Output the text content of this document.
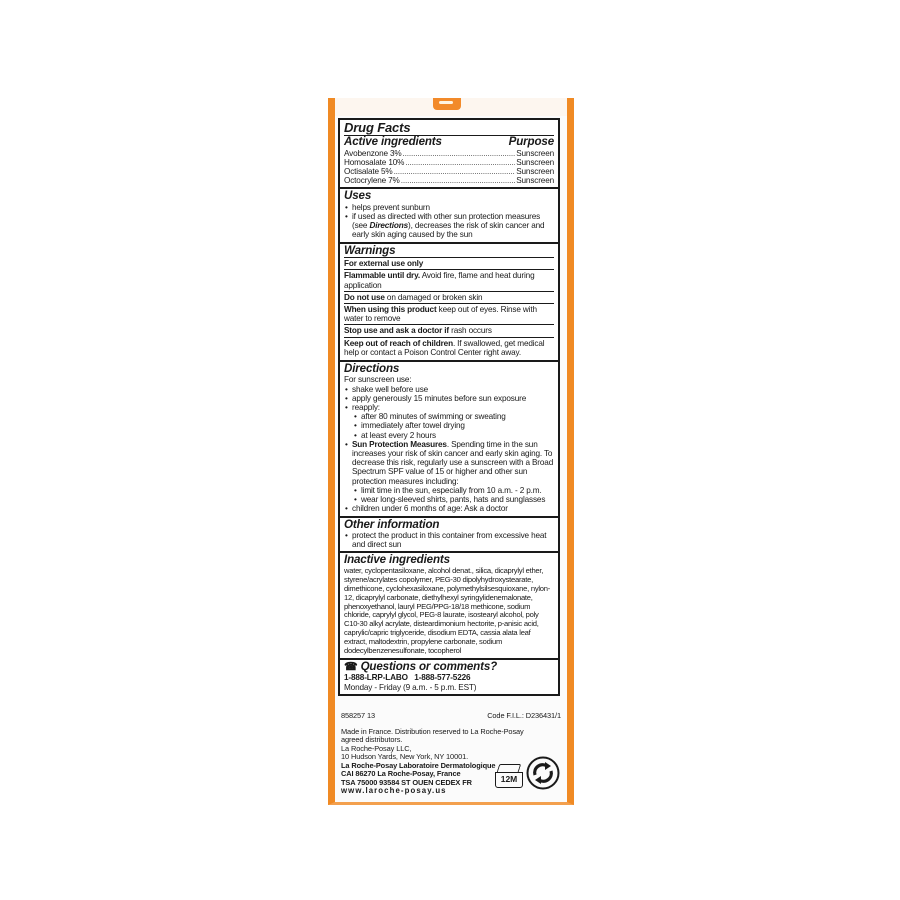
Drug Facts
Active ingredients	Purpose
Avobenzone 3% .....	Sunscreen
Homosalate 10% .....	Sunscreen
Octisalate 5% .....	Sunscreen
Octocrylene 7% .....	Sunscreen
Uses
• helps prevent sunburn
• if used as directed with other sun protection measures (see Directions), decreases the risk of skin cancer and early skin aging caused by the sun
Warnings
For external use only
Flammable until dry. Avoid fire, flame and heat during application
Do not use on damaged or broken skin
When using this product keep out of eyes. Rinse with water to remove
Stop use and ask a doctor if rash occurs
Keep out of reach of children. If swallowed, get medical help or contact a Poison Control Center right away.
Directions
For sunscreen use:
• shake well before use
• apply generously 15 minutes before sun exposure
• reapply:
• after 80 minutes of swimming or sweating
• immediately after towel drying
• at least every 2 hours
• Sun Protection Measures. Spending time in the sun increases your risk of skin cancer and early skin aging. To decrease this risk, regularly use a sunscreen with a Broad Spectrum SPF value of 15 or higher and other sun protection measures including:
• limit time in the sun, especially from 10 a.m. - 2 p.m.
• wear long-sleeved shirts, pants, hats and sunglasses
• children under 6 months of age: Ask a doctor
Other information
• protect the product in this container from excessive heat and direct sun
Inactive ingredients
water, cyclopentasiloxane, alcohol denat., silica, dicaprylyl ether, styrene/acrylates copolymer, PEG-30 dipolyhydroxystearate, dimethicone, cyclohexasiloxane, polymethylsilsesquioxane, nylon-12, dicaprylyl carbonate, diethylhexyl syringylidenemalonate, phenoxyethanol, lauryl PEG/PPG-18/18 methicone, sodium chloride, caprylyl glycol, PEG-8 laurate, isostearyl alcohol, poly C10-30 alkyl acrylate, disteardimonium hectorite, p-anisic acid, caprylic/capric triglyceride, disodium EDTA, cassia alata leaf extract, maltodextrin, propylene carbonate, sodium dodecylbenzenesulfonate, tocopherol
☎ Questions or comments?
1-888-LRP-LABO 1-888-577-5226
Monday - Friday (9 a.m. - 5 p.m. EST)
858257 13	Code F.I.L.: D236431/1
Made in France. Distribution reserved to La Roche-Posay agreed distributors.
La Roche-Posay LLC,
10 Hudson Yards, New York, NY 10001.
La Roche-Posay Laboratoire Dermatologique
CAI 86270 La Roche-Posay, France
TSA 75000 93584 ST OUEN CEDEX FR
www.laroche-posay.us
12M
